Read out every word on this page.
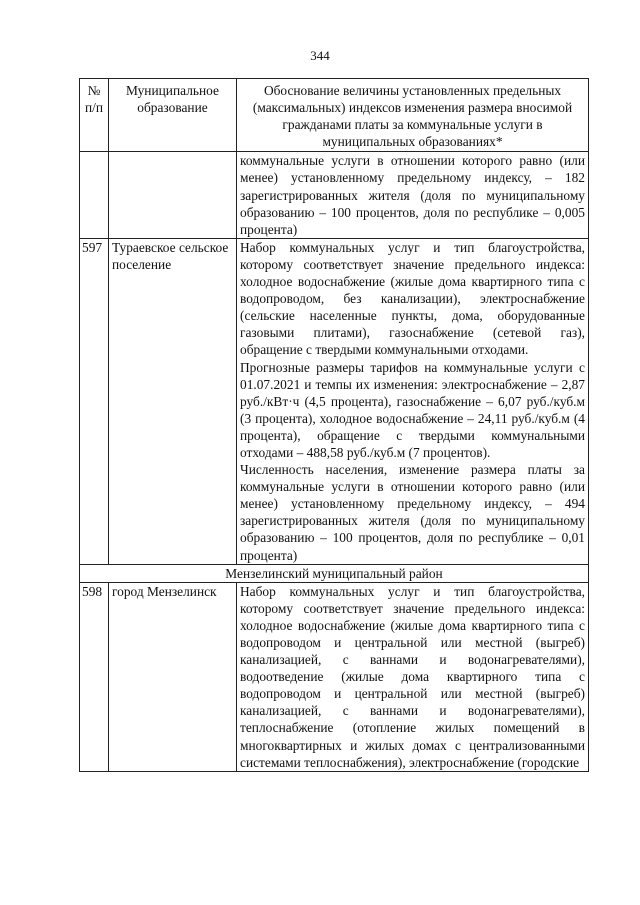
344
№ п/п	Муниципальное образование	Обоснование величины установленных предельных (максимальных) индексов изменения размера вносимой гражданами платы за коммунальные услуги в муниципальных образованиях*
		коммунальные услуги в отношении которого равно (или менее) установленному предельному индексу, – 182 зарегистрированных жителя (доля по муниципальному образованию – 100 процентов, доля по республике – 0,005 процента)
597	Тураевское сельское поселение	Набор коммунальных услуг и тип благоустройства, которому соответствует значение предельного индекса: холодное водоснабжение (жилые дома квартирного типа с водопроводом, без канализации), электроснабжение (сельские населенные пункты, дома, оборудованные газовыми плитами), газоснабжение (сетевой газ), обращение с твердыми коммунальными отходами.

Прогнозные размеры тарифов на коммунальные услуги с 01.07.2021 и темпы их изменения: электроснабжение – 2,87 руб./кВт·ч (4,5 процента), газоснабжение – 6,07 руб./куб.м (3 процента), холодное водоснабжение – 24,11 руб./куб.м (4 процента), обращение с твердыми коммунальными отходами – 488,58 руб./куб.м (7 процентов).

Численность населения, изменение размера платы за коммунальные услуги в отношении которого равно (или менее) установленному предельному индексу, – 494 зарегистрированных жителя (доля по муниципальному образованию – 100 процентов, доля по республике – 0,01 процента)

Мензелинский муниципальный район		
598	город Мензелинск	Набор коммунальных услуг и тип благоустройства, которому соответствует значение предельного индекса: холодное водоснабжение (жилые дома квартирного типа с водопроводом и центральной или местной (выгреб) канализацией, с ваннами и водонагревателями), водоотведение (жилые дома квартирного типа с водопроводом и центральной или местной (выгреб) канализацией, с ваннами и водонагревателями), теплоснабжение (отопление жилых помещений в многоквартирных и жилых домах с централизованными системами теплоснабжения), электроснабжение (городские
